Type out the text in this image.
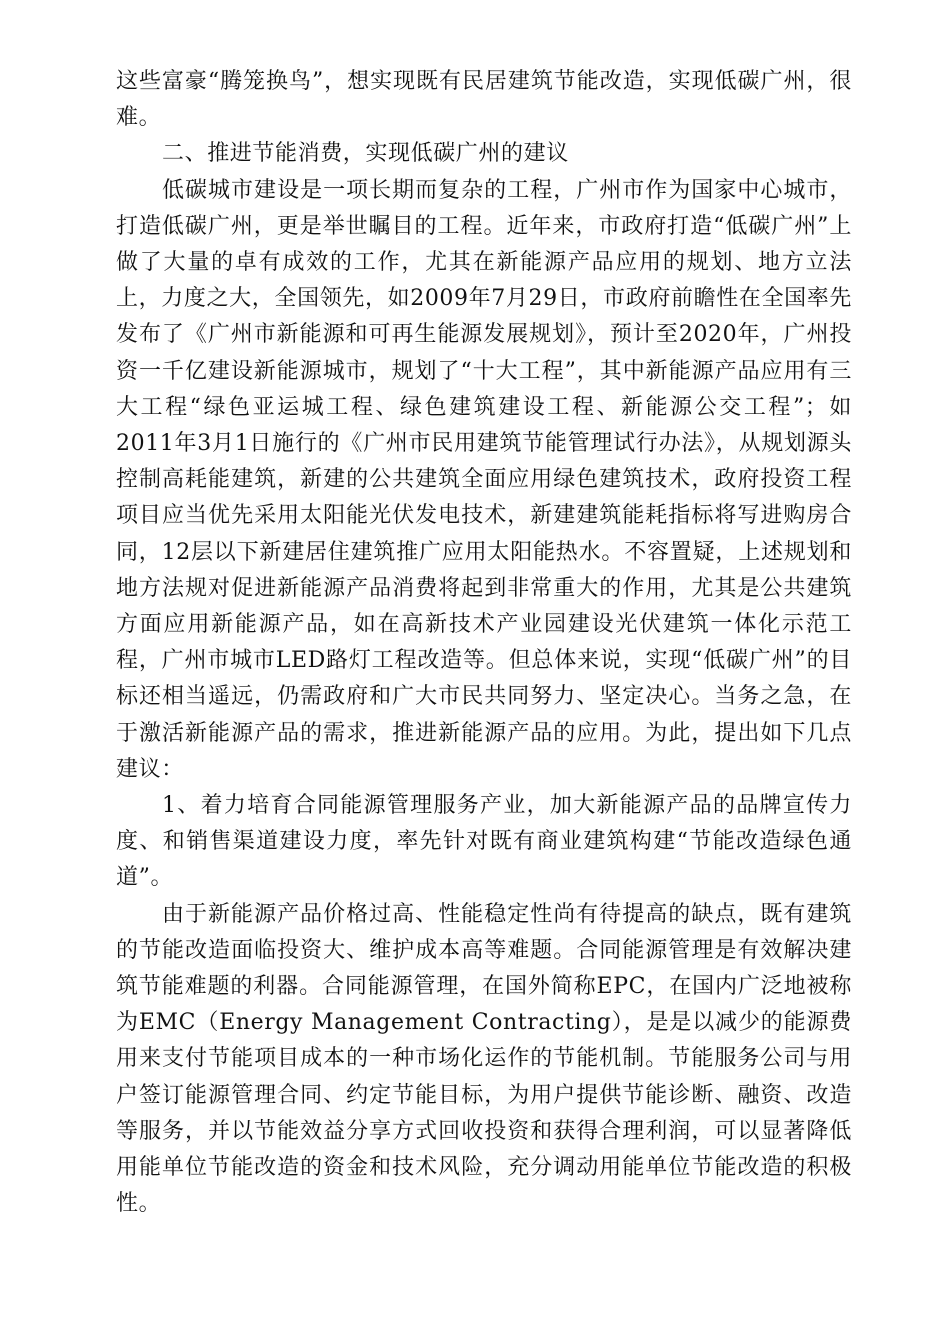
这些富豪“腾笼换鸟”，想实现既有民居建筑节能改造，实现低碳广州，很难。

二、推进节能消费，实现低碳广州的建议

低碳城市建设是一项长期而复杂的工程，广州市作为国家中心城市，打造低碳广州，更是举世瞩目的工程。近年来，市政府打造“低碳广州”上做了大量的卓有成效的工作，尤其在新能源产品应用的规划、地方立法上，力度之大，全国领先，如2009年7月29日，市政府前瞻性在全国率先发布了《广州市新能源和可再生能源发展规划》，预计至2020年，广州投资一千亿建设新能源城市，规划了“十大工程”，其中新能源产品应用有三大工程“绿色亚运城工程、绿色建筑建设工程、新能源公交工程”；如2011年3月1日施行的《广州市民用建筑节能管理试行办法》，从规划源头控制高耗能建筑，新建的公共建筑全面应用绿色建筑技术，政府投资工程项目应当优先采用太阳能光伏发电技术，新建建筑能耗指标将写进购房合同，12层以下新建居住建筑推广应用太阳能热水。不容置疑，上述规划和地方法规对促进新能源产品消费将起到非常重大的作用，尤其是公共建筑方面应用新能源产品，如在高新技术产业园建设光伏建筑一体化示范工程，广州市城市LED路灯工程改造等。但总体来说，实现“低碳广州”的目标还相当遥远，仍需政府和广大市民共同努力、坚定决心。当务之急，在于激活新能源产品的需求，推进新能源产品的应用。为此，提出如下几点建议：

1、着力培育合同能源管理服务产业，加大新能源产品的品牌宣传力度、和销售渠道建设力度，率先针对既有商业建筑构建“节能改造绿色通道”。

由于新能源产品价格过高、性能稳定性尚有待提高的缺点，既有建筑的节能改造面临投资大、维护成本高等难题。合同能源管理是有效解决建筑节能难题的利器。合同能源管理，在国外简称EPC，在国内广泛地被称为EMC（Energy Management Contracting），是是以减少的能源费用来支付节能项目成本的一种市场化运作的节能机制。节能服务公司与用户签订能源管理合同、约定节能目标，为用户提供节能诊断、融资、改造等服务，并以节能效益分享方式回收投资和获得合理利润，可以显著降低用能单位节能改造的资金和技术风险，充分调动用能单位节能改造的积极性。
